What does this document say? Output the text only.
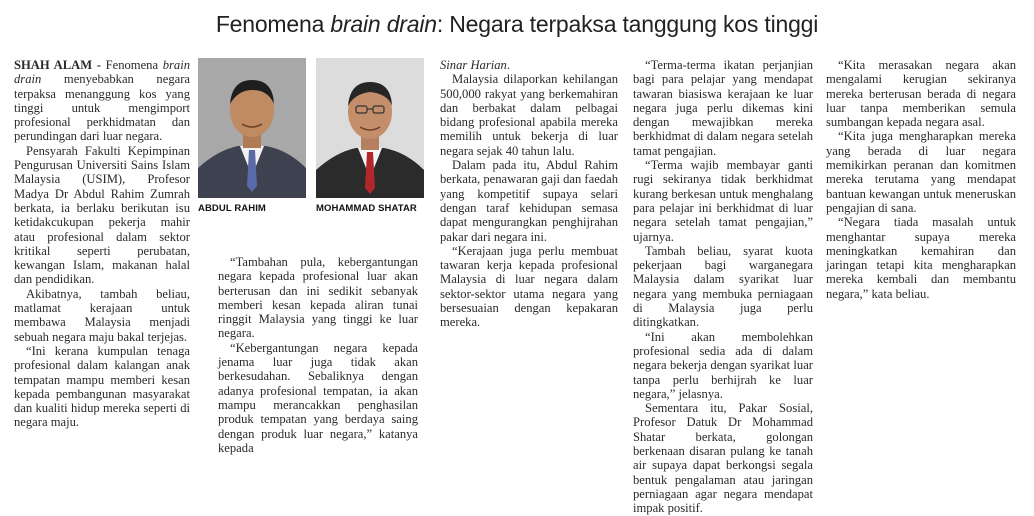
Fenomena brain drain: Negara terpaksa tanggung kos tinggi
ABDUL RAHIM	MOHAMMAD SHATAR

SHAH ALAM - Fenomena brain drain menyebabkan negara terpaksa menanggung kos yang tinggi untuk mengimport profesional perkhidmatan dan perundingan dari luar negara.

Pensyarah Fakulti Kepimpinan Pengurusan Universiti Sains Islam Malaysia (USIM), Profesor Madya Dr Abdul Rahim Zumrah berkata, ia berlaku berikutan isu ketidakcukupan pekerja mahir atau profesional dalam sektor kritikal seperti perubatan, kewangan Islam, makanan halal dan pendidikan.

Akibatnya, tambah beliau, matlamat kerajaan untuk membawa Malaysia menjadi sebuah negara maju bakal terjejas.

“Ini kerana kumpulan tenaga profesional dalam kalangan anak tempatan mampu memberi kesan kepada pembangunan masyarakat dan kualiti hidup mereka seperti di negara maju.

“Tambahan pula, kebergantungan negara kepada profesional luar akan berterusan dan ini sedikit sebanyak memberi kesan kepada aliran tunai ringgit Malaysia yang tinggi ke luar negara.

“Kebergantungan negara kepada jenama luar juga tidak akan berkesudahan. Sebaliknya dengan adanya profesional tempatan, ia akan mampu merancakkan penghasilan produk tempatan yang berdaya saing dengan produk luar negara,” katanya kepada

Sinar Harian.

Malaysia dilaporkan kehilangan 500,000 rakyat yang berkemahiran dan berbakat dalam pelbagai bidang profesional apabila mereka memilih untuk bekerja di luar negara sejak 40 tahun lalu.

Dalam pada itu, Abdul Rahim berkata, penawaran gaji dan faedah yang kompetitif supaya selari dengan taraf kehidupan semasa dapat mengurangkan penghijrahan pakar dari negara ini.

“Kerajaan juga perlu membuat tawaran kerja kepada profesional Malaysia di luar negara dalam sektor-sektor utama negara yang bersesuaian dengan kepakaran mereka.

“Terma-terma ikatan perjanjian bagi para pelajar yang mendapat tawaran biasiswa kerajaan ke luar negara juga perlu dikemas kini dengan mewajibkan mereka berkhidmat di dalam negara setelah tamat pengajian.

“Terma wajib membayar ganti rugi sekiranya tidak berkhidmat kurang berkesan untuk menghalang para pelajar ini berkhidmat di luar negara setelah tamat pengajian,” ujarnya.

Tambah beliau, syarat kuota pekerjaan bagi warganegara Malaysia dalam syarikat luar negara yang membuka perniagaan di Malaysia juga perlu ditingkatkan.

“Ini akan membolehkan profesional sedia ada di dalam negara bekerja dengan syarikat luar tanpa perlu berhijrah ke luar negara,” jelasnya.

Sementara itu, Pakar Sosial, Profesor Datuk Dr Mohammad Shatar berkata, golongan berkenaan disaran pulang ke tanah air supaya dapat berkongsi segala bentuk pengalaman atau jaringan perniagaan agar negara mendapat impak positif.

“Kita merasakan negara akan mengalami kerugian sekiranya mereka berterusan berada di negara luar tanpa memberikan semula sumbangan kepada negara asal.

“Kita juga mengharapkan mereka yang berada di luar negara memikirkan peranan dan komitmen mereka terutama yang mendapat bantuan kewangan untuk meneruskan pengajian di sana.

“Negara tiada masalah untuk menghantar supaya mereka meningkatkan kemahiran dan jaringan tetapi kita mengharapkan mereka kembali dan membantu negara,” kata beliau.
